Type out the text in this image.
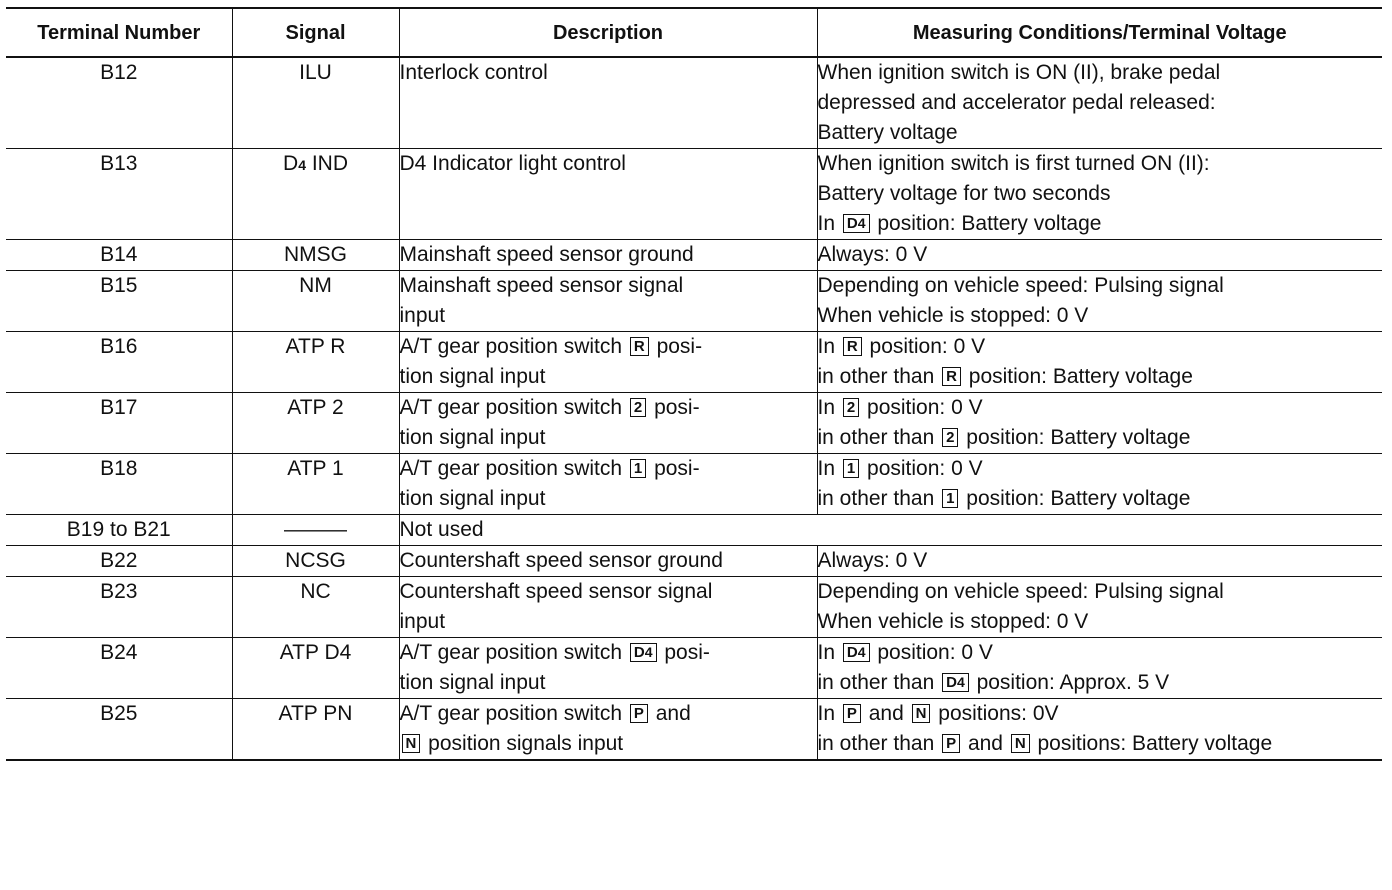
Terminal Number	Signal	Description	Measuring Conditions/Terminal Voltage
B12	ILU	Interlock control	When ignition switch is ON (II), brake pedal
depressed and accelerator pedal released:
Battery voltage

B13	D4 IND	D4 Indicator light control	When ignition switch is first turned ON (II):
Battery voltage for two seconds
In D4 position: Battery voltage

B14	NMSG	Mainshaft speed sensor ground	Always: 0 V

B15	NM	Mainshaft speed sensor signal
input	Depending on vehicle speed: Pulsing signal
When vehicle is stopped: 0 V

B16	ATP R	A/T gear position switch R posi-
tion signal input	In R position: 0 V
in other than R position: Battery voltage

B17	ATP 2	A/T gear position switch 2 posi-
tion signal input	In 2 position: 0 V
in other than 2 position: Battery voltage

B18	ATP 1	A/T gear position switch 1 posi-
tion signal input	In 1 position: 0 V
in other than 1 position: Battery voltage

B19 to B21	———	Not used	
B22	NCSG	Countershaft speed sensor ground	Always: 0 V

B23	NC	Countershaft speed sensor signal
input	Depending on vehicle speed: Pulsing signal
When vehicle is stopped: 0 V

B24	ATP D4	A/T gear position switch D4 posi-
tion signal input	In D4 position: 0 V
in other than D4 position: Approx. 5 V

B25	ATP PN	A/T gear position switch P and
N position signals input	In P and N positions: 0V
in other than P and N positions: Battery voltage
